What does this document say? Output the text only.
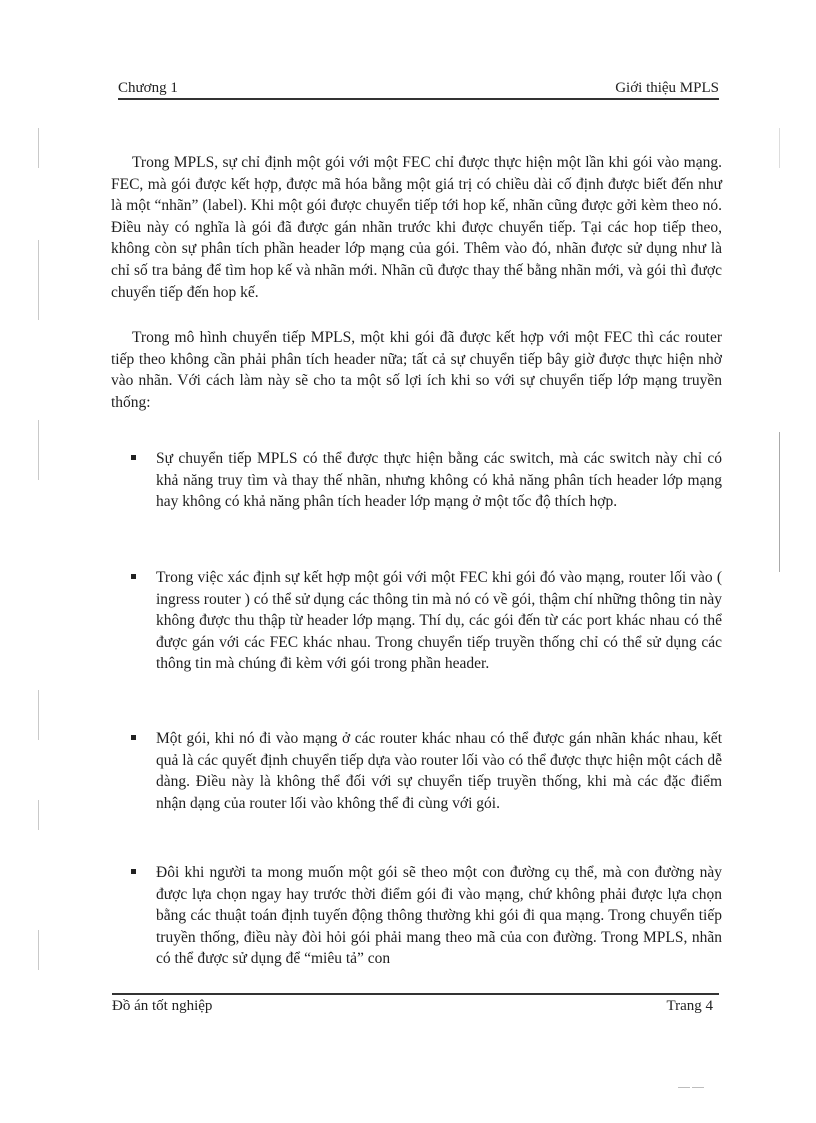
Chương 1	Giới thiệu MPLS

Trong MPLS, sự chỉ định một gói với một FEC chỉ được thực hiện một lần khi gói vào mạng. FEC, mà gói được kết hợp, được mã hóa bằng một giá trị có chiều dài cố định được biết đến như là một “nhãn” (label). Khi một gói được chuyển tiếp tới hop kế, nhãn cũng được gởi kèm theo nó. Điều này có nghĩa là gói đã được gán nhãn trước khi được chuyển tiếp. Tại các hop tiếp theo, không còn sự phân tích phần header lớp mạng của gói. Thêm vào đó, nhãn được sử dụng như là chỉ số tra bảng để tìm hop kế và nhãn mới. Nhãn cũ được thay thế bằng nhãn mới, và gói thì được chuyển tiếp đến hop kế.

Trong mô hình chuyển tiếp MPLS, một khi gói đã được kết hợp với một FEC thì các router tiếp theo không cần phải phân tích header nữa; tất cả sự chuyển tiếp bây giờ được thực hiện nhờ vào nhãn. Với cách làm này sẽ cho ta một số lợi ích khi so với sự chuyển tiếp lớp mạng truyền thống:

Sự chuyển tiếp MPLS có thể được thực hiện bằng các switch, mà các switch này chỉ có khả năng truy tìm và thay thế nhãn, nhưng không có khả năng phân tích header lớp mạng hay không có khả năng phân tích header lớp mạng ở một tốc độ thích hợp.

Trong việc xác định sự kết hợp một gói với một FEC khi gói đó vào mạng, router lối vào ( ingress router ) có thể sử dụng các thông tin mà nó có về gói, thậm chí những thông tin này không được thu thập từ header lớp mạng. Thí dụ, các gói đến từ các port khác nhau có thể được gán với các FEC khác nhau. Trong chuyển tiếp truyền thống chỉ có thể sử dụng các thông tin mà chúng đi kèm với gói trong phần header.

Một gói, khi nó đi vào mạng ở các router khác nhau có thể được gán nhãn khác nhau, kết quả là các quyết định chuyển tiếp dựa vào router lối vào có thể được thực hiện một cách dễ dàng. Điều này là không thể đối với sự chuyển tiếp truyền thống, khi mà các đặc điểm nhận dạng của router lối vào không thể đi cùng với gói.

Đôi khi người ta mong muốn một gói sẽ theo một con đường cụ thể, mà con đường này được lựa chọn ngay hay trước thời điểm gói đi vào mạng, chứ không phải được lựa chọn bằng các thuật toán định tuyến động thông thường khi gói đi qua mạng. Trong chuyển tiếp truyền thống, điều này đòi hỏi gói phải mang theo mã của con đường. Trong MPLS, nhãn có thể được sử dụng để “miêu tả” con

Đồ án tốt nghiệp	Trang 4
